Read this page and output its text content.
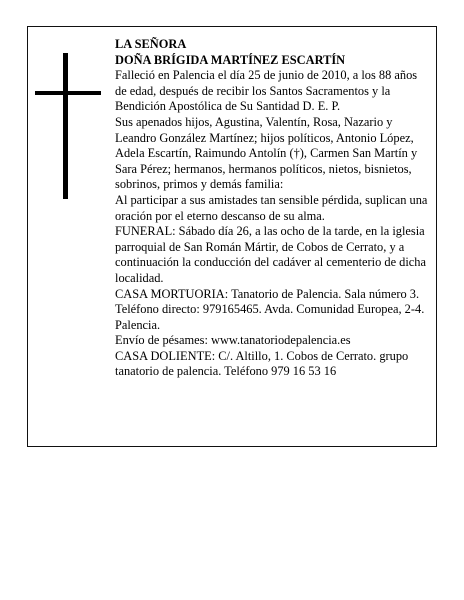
LA SEÑORA

DOÑA BRÍGIDA MARTÍNEZ ESCARTÍN

Falleció en Palencia el día 25 de junio de 2010, a los 88 años de edad, después de recibir los Santos Sacramentos y la Bendición Apostólica de Su Santidad D. E. P.

Sus apenados hijos, Agustina, Valentín, Rosa, Nazario y Leandro González Martínez; hijos políticos, Antonio López, Adela Escartín, Raimundo Antolín (†), Carmen San Martín y Sara Pérez; hermanos, hermanos políticos, nietos, bisnietos, sobrinos, primos y demás familia:

Al participar a sus amistades tan sensible pérdida, suplican una oración por el eterno descanso de su alma.

FUNERAL: Sábado día 26, a las ocho de la tarde, en la iglesia parroquial de San Román Mártir, de Cobos de Cerrato, y a continuación la conducción del cadáver al cementerio de dicha localidad.

CASA MORTUORIA: Tanatorio de Palencia. Sala número 3. Teléfono directo: 979165465. Avda. Comunidad Europea, 2-4. Palencia.

Envío de pésames: www.tanatoriodepalencia.es

CASA DOLIENTE: C/. Altillo, 1. Cobos de Cerrato. grupo tanatorio de palencia. Teléfono 979 16 53 16
